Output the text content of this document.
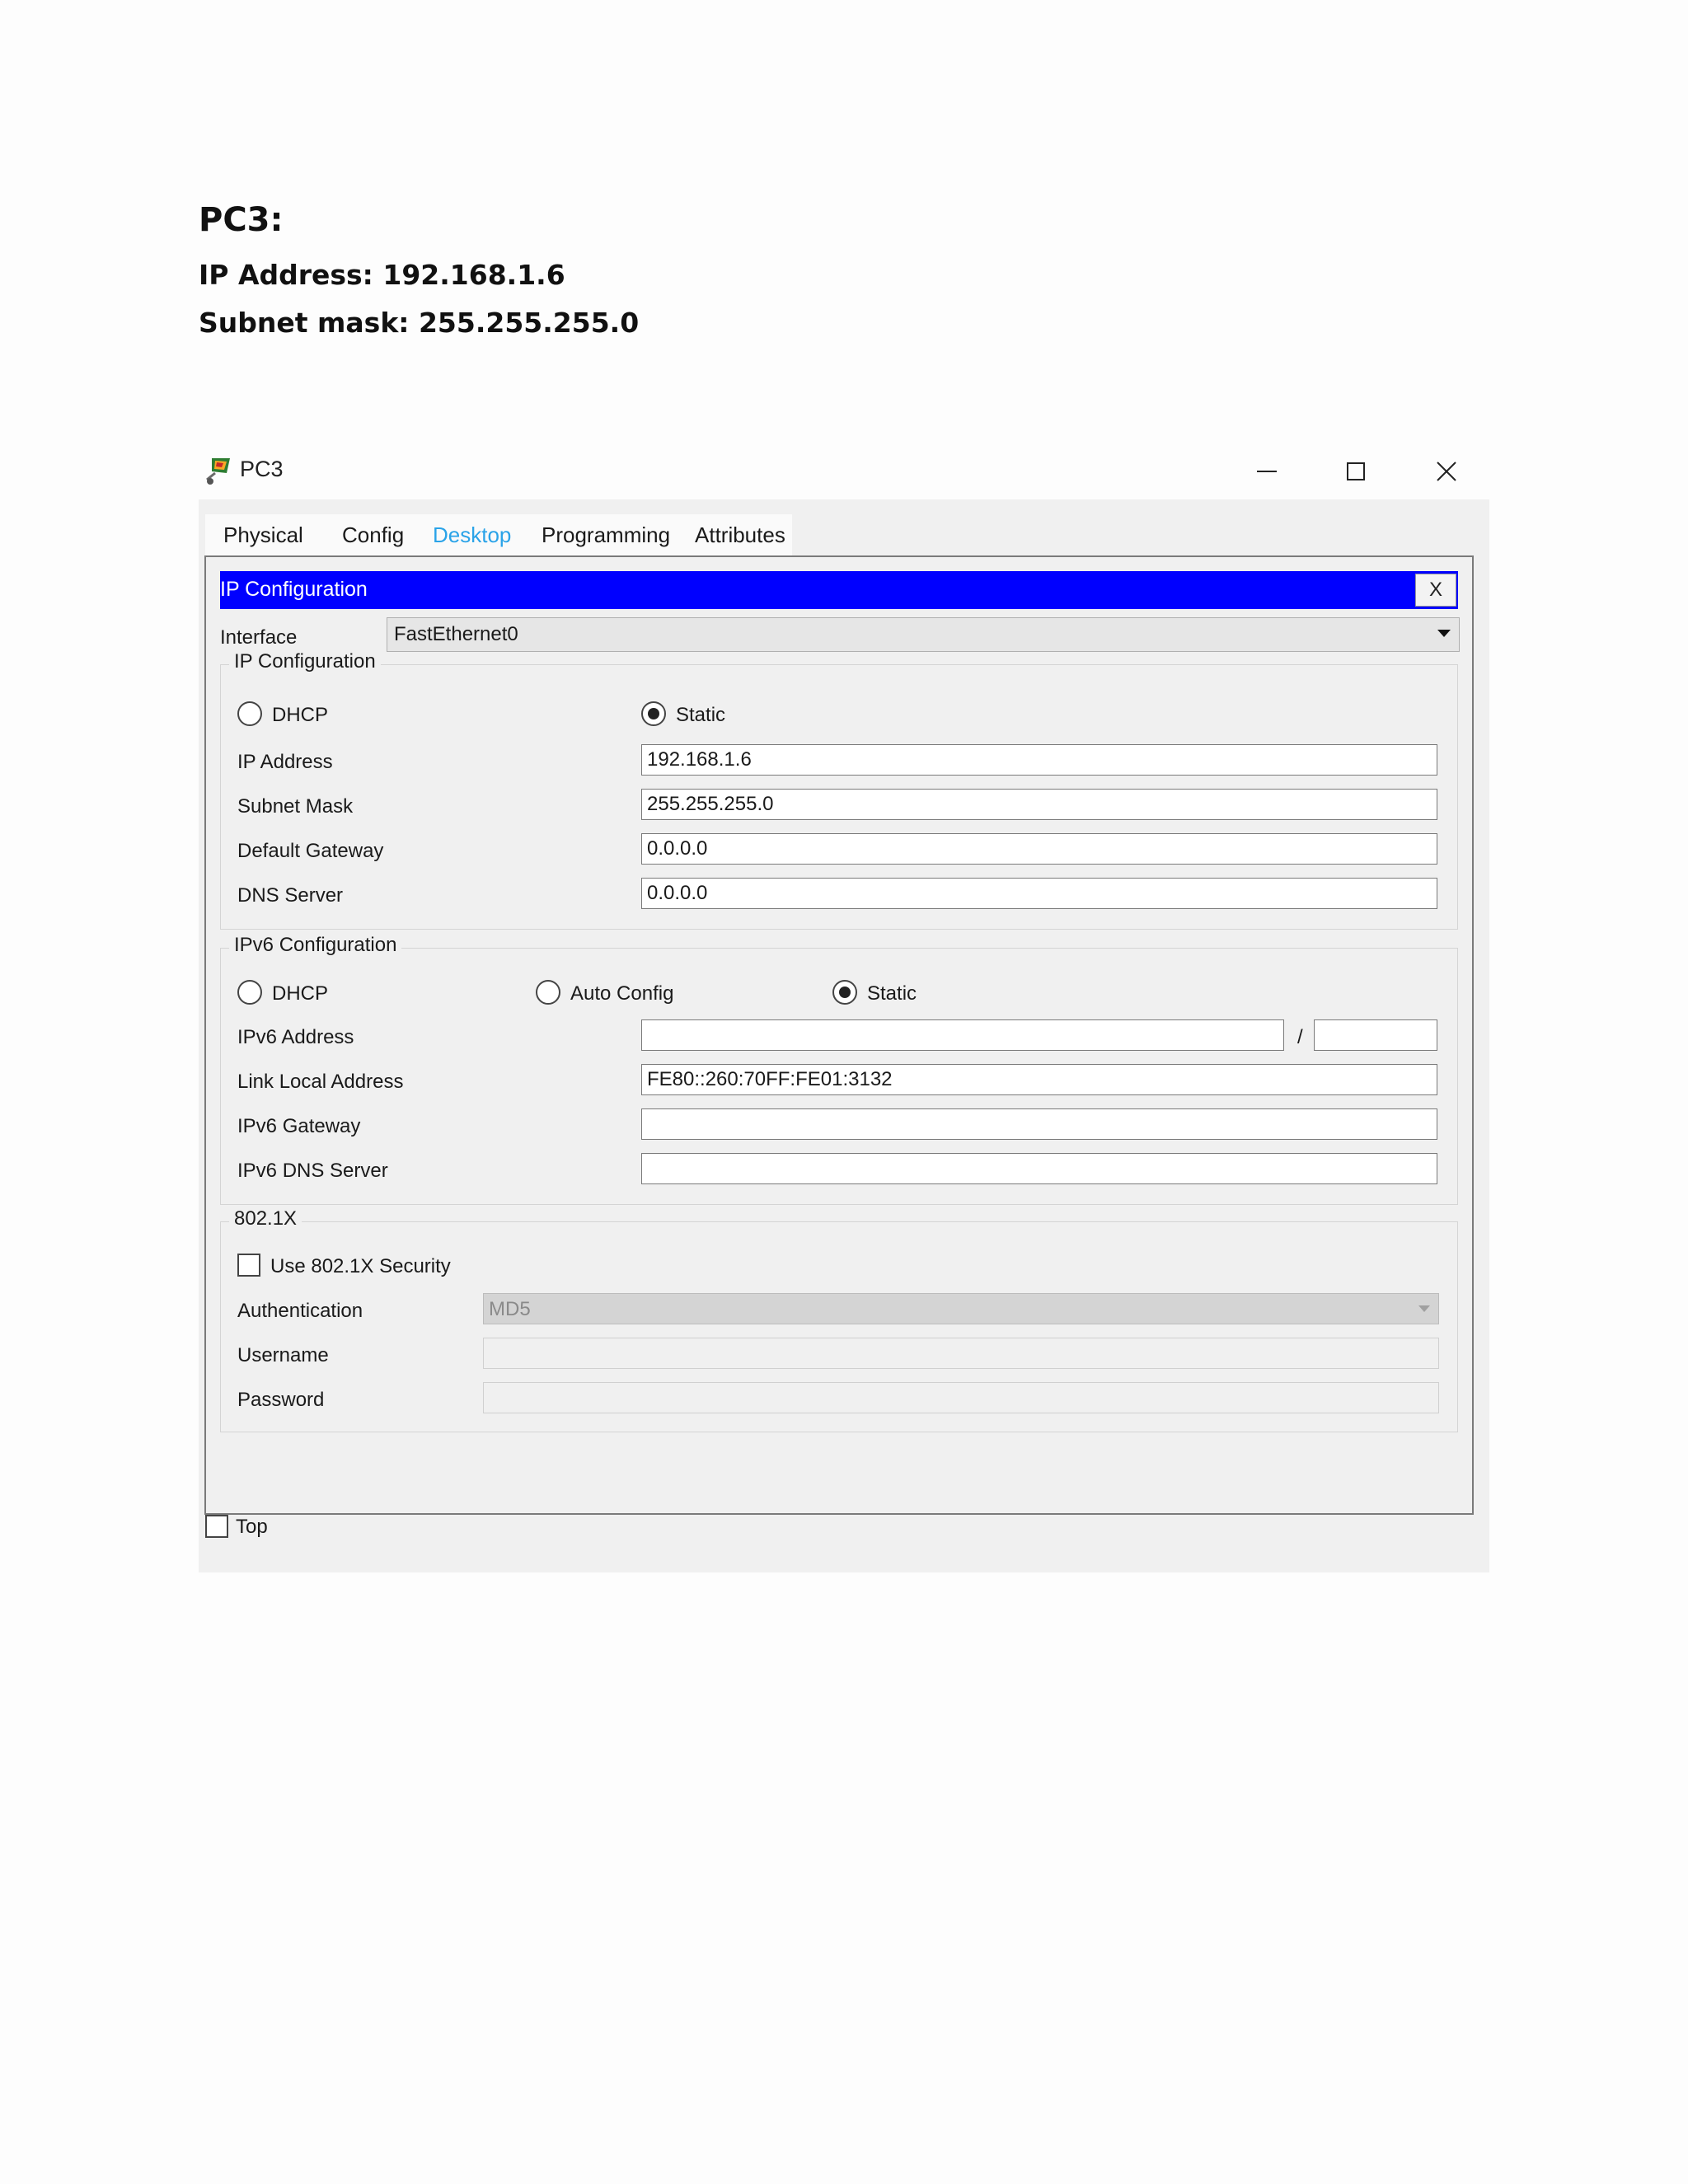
PC3:
IP Address: 192.168.1.6
Subnet mask: 255.255.255.0
PC3
Physical Config Desktop Programming Attributes
IP Configuration	X
Interface	FastEthernet0
IP Configuration
DHCP	Static
IP Address	192.168.1.6
Subnet Mask	255.255.255.0
Default Gateway	0.0.0.0
DNS Server	0.0.0.0
IPv6 Configuration
DHCP	Auto Config	Static
IPv6 Address	/
Link Local Address	FE80::260:70FF:FE01:3132
IPv6 Gateway
IPv6 DNS Server
802.1X
Use 802.1X Security
Authentication	MD5
Username
Password
Top
